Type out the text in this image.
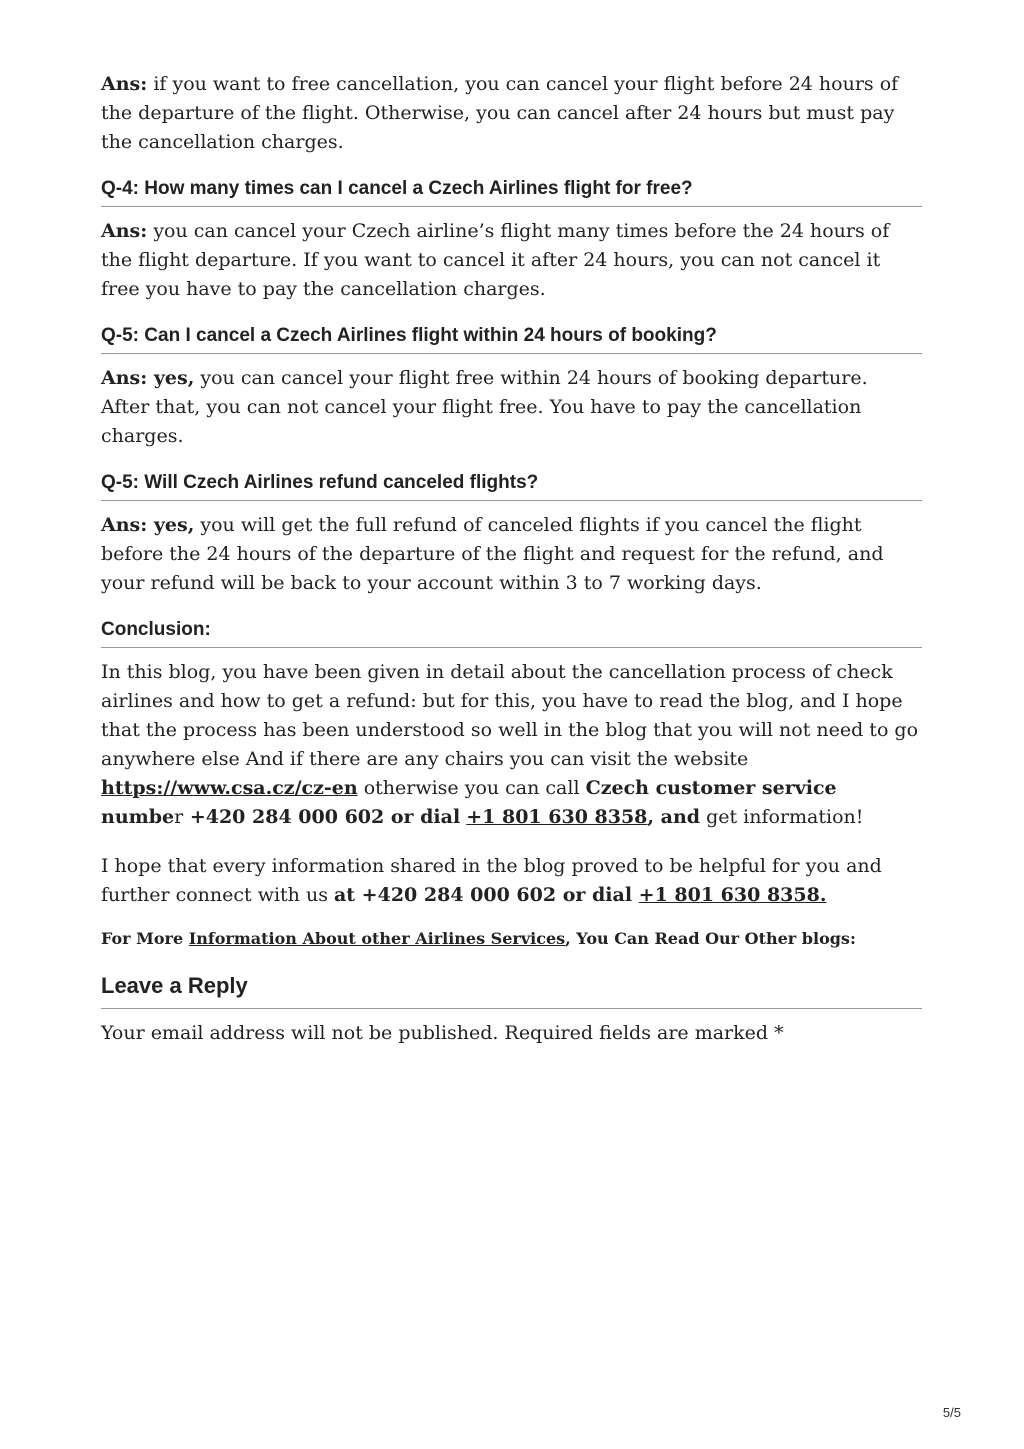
Ans: if you want to free cancellation, you can cancel your flight before 24 hours of the departure of the flight. Otherwise, you can cancel after 24 hours but must pay the cancellation charges.

Q-4: How many times can I cancel a Czech Airlines flight for free?

Ans: you can cancel your Czech airline’s flight many times before the 24 hours of the flight departure. If you want to cancel it after 24 hours, you can not cancel it free you have to pay the cancellation charges.

Q-5: Can I cancel a Czech Airlines flight within 24 hours of booking?

Ans: yes, you can cancel your flight free within 24 hours of booking departure. After that, you can not cancel your flight free. You have to pay the cancellation charges.

Q-5: Will Czech Airlines refund canceled flights?

Ans: yes, you will get the full refund of canceled flights if you cancel the flight before the 24 hours of the departure of the flight and request for the refund, and your refund will be back to your account within 3 to 7 working days.

Conclusion:

In this blog, you have been given in detail about the cancellation process of check airlines and how to get a refund: but for this, you have to read the blog, and I hope that the process has been understood so well in the blog that you will not need to go anywhere else And if there are any chairs you can visit the website https://www.csa.cz/cz-en otherwise you can call Czech customer service number +420 284 000 602 or dial +1 801 630 8358, and get information!

I hope that every information shared in the blog proved to be helpful for you and further connect with us at +420 284 000 602 or dial +1 801 630 8358.

For More Information About other Airlines Services, You Can Read Our Other blogs:

Leave a Reply

Your email address will not be published. Required fields are marked *

5/5
